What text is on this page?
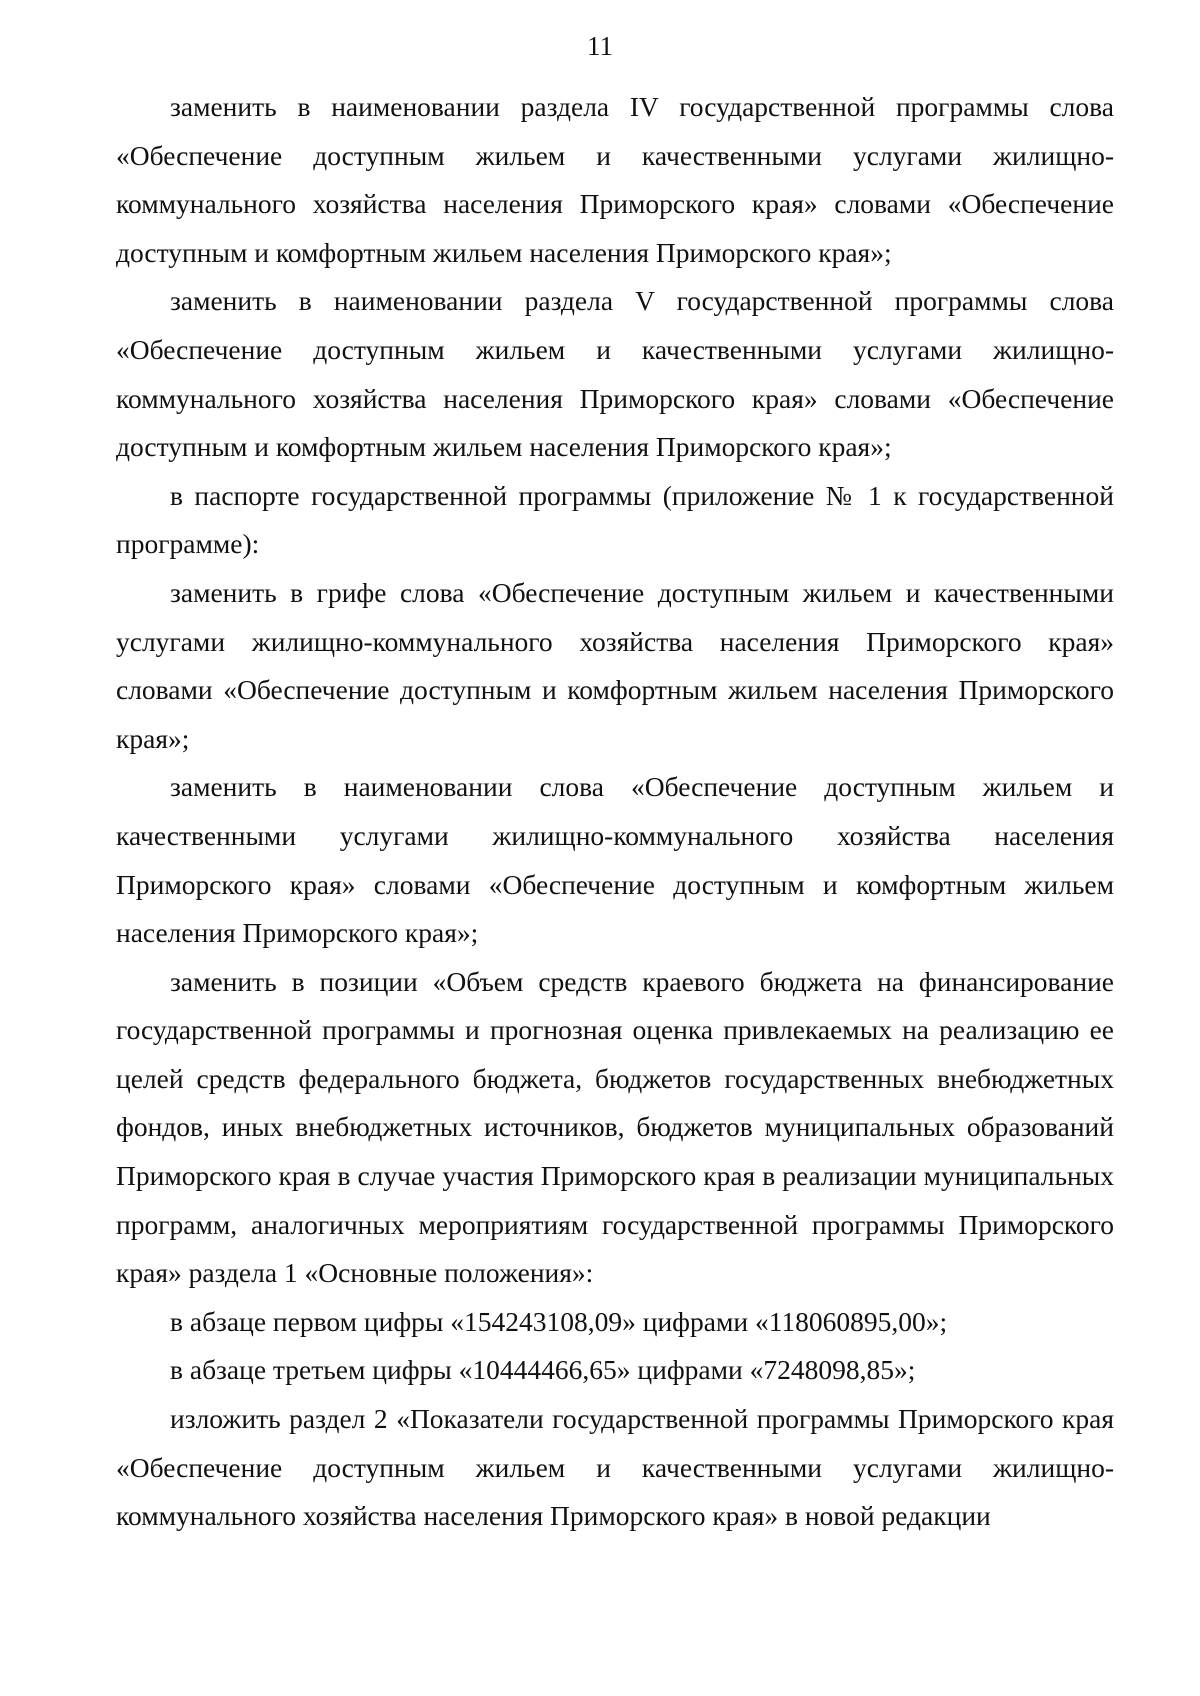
11

заменить в наименовании раздела IV государственной программы слова «Обеспечение доступным жильем и качественными услугами жилищно-коммунального хозяйства населения Приморского края» словами «Обеспечение доступным и комфортным жильем населения Приморского края»;

заменить в наименовании раздела V государственной программы слова «Обеспечение доступным жильем и качественными услугами жилищно-коммунального хозяйства населения Приморского края» словами «Обеспечение доступным и комфортным жильем населения Приморского края»;

в паспорте государственной программы (приложение № 1 к государственной программе):

заменить в грифе слова «Обеспечение доступным жильем и качественными услугами жилищно-коммунального хозяйства населения Приморского края» словами «Обеспечение доступным и комфортным жильем населения Приморского края»;

заменить в наименовании слова «Обеспечение доступным жильем и качественными услугами жилищно-коммунального хозяйства населения Приморского края» словами «Обеспечение доступным и комфортным жильем населения Приморского края»;

заменить в позиции «Объем средств краевого бюджета на финансирование государственной программы и прогнозная оценка привлекаемых на реализацию ее целей средств федерального бюджета, бюджетов государственных внебюджетных фондов, иных внебюджетных источников, бюджетов муниципальных образований Приморского края в случае участия Приморского края в реализации муниципальных программ, аналогичных мероприятиям государственной программы Приморского края» раздела 1 «Основные положения»:

в абзаце первом цифры «154243108,09» цифрами «118060895,00»;

в абзаце третьем цифры «10444466,65» цифрами «7248098,85»;

изложить раздел 2 «Показатели государственной программы Приморского края «Обеспечение доступным жильем и качественными услугами жилищно-коммунального хозяйства населения Приморского края» в новой редакции
